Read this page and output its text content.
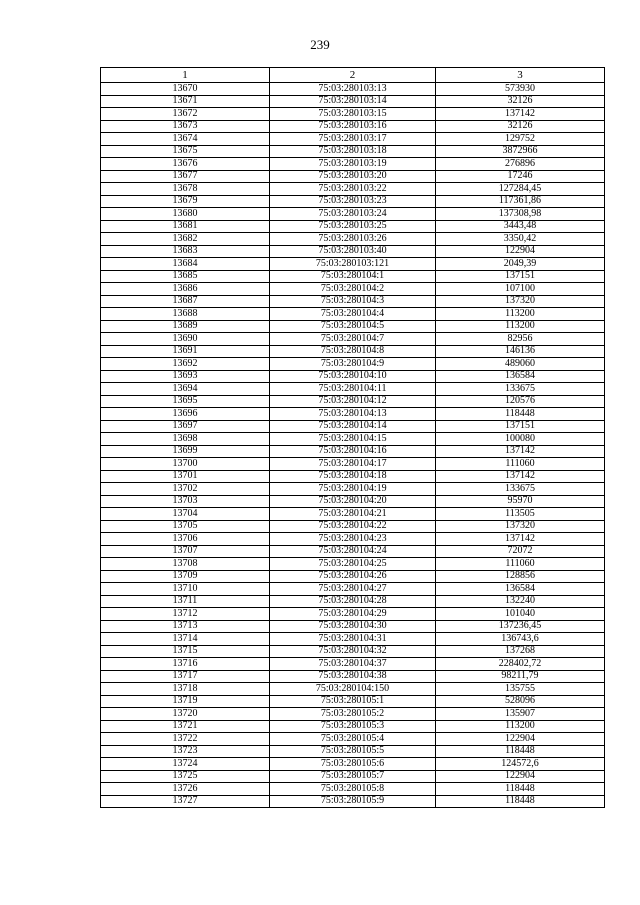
239
1	2	3
13670	75:03:280103:13	573930
13671	75:03:280103:14	32126
13672	75:03:280103:15	137142
13673	75:03:280103:16	32126
13674	75:03:280103:17	129752
13675	75:03:280103:18	3872966
13676	75:03:280103:19	276896
13677	75:03:280103:20	17246
13678	75:03:280103:22	127284,45
13679	75:03:280103:23	117361,86
13680	75:03:280103:24	137308,98
13681	75:03:280103:25	3443,48
13682	75:03:280103:26	3350,42
13683	75:03:280103:40	122904
13684	75:03:280103:121	2049,39
13685	75:03:280104:1	137151
13686	75:03:280104:2	107100
13687	75:03:280104:3	137320
13688	75:03:280104:4	113200
13689	75:03:280104:5	113200
13690	75:03:280104:7	82956
13691	75:03:280104:8	146136
13692	75:03:280104:9	489060
13693	75:03:280104:10	136584
13694	75:03:280104:11	133675
13695	75:03:280104:12	120576
13696	75:03:280104:13	118448
13697	75:03:280104:14	137151
13698	75:03:280104:15	100080
13699	75:03:280104:16	137142
13700	75:03:280104:17	111060
13701	75:03:280104:18	137142
13702	75:03:280104:19	133675
13703	75:03:280104:20	95970
13704	75:03:280104:21	113505
13705	75:03:280104:22	137320
13706	75:03:280104:23	137142
13707	75:03:280104:24	72072
13708	75:03:280104:25	111060
13709	75:03:280104:26	128856
13710	75:03:280104:27	136584
13711	75:03:280104:28	132240
13712	75:03:280104:29	101040
13713	75:03:280104:30	137236,45
13714	75:03:280104:31	136743,6
13715	75:03:280104:32	137268
13716	75:03:280104:37	228402,72
13717	75:03:280104:38	98211,79
13718	75:03:280104:150	135755
13719	75:03:280105:1	528096
13720	75:03:280105:2	135907
13721	75:03:280105:3	113200
13722	75:03:280105:4	122904
13723	75:03:280105:5	118448
13724	75:03:280105:6	124572,6
13725	75:03:280105:7	122904
13726	75:03:280105:8	118448
13727	75:03:280105:9	118448
